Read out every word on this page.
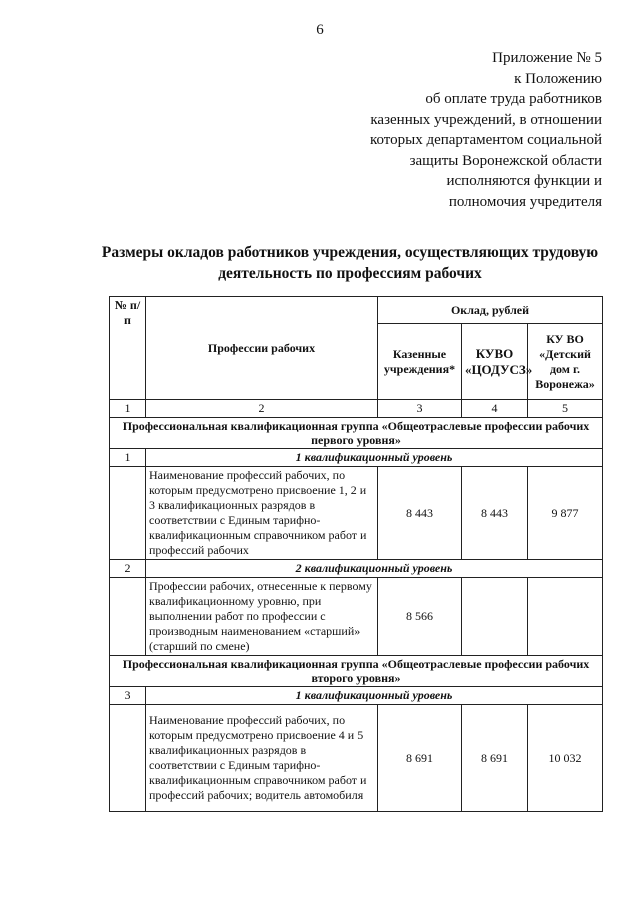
6
Приложение № 5
к Положению
об оплате труда работников
казенных учреждений, в отношении
которых департаментом социальной
защиты Воронежской области
исполняются функции и
полномочия учредителя
Размеры окладов работников учреждения, осуществляющих трудовую
деятельность по профессиям рабочих
№ п/п	Профессии рабочих	Оклад, рублей		
		Казенные учреждения*	КУВО «ЦОДУСЗ»	КУ ВО «Детский дом г. Воронежа»
1	2	3	4	5
Профессиональная квалификационная группа «Общеотраслевые профессии рабочих первого уровня»				
1	1 квалификационный уровень			
	Наименование профессий рабочих, по которым предусмотрено присвоение 1, 2 и 3 квалификационных разрядов в соответствии с Единым тарифно-квалификационным справочником работ и профессий рабочих	8 443	8 443	9 877
2	2 квалификационный уровень			
	Профессии рабочих, отнесенные к первому квалификационному уровню, при выполнении работ по профессии с производным наименованием «старший» (старший по смене)	8 566		
Профессиональная квалификационная группа «Общеотраслевые профессии рабочих второго уровня»				
3	1 квалификационный уровень			
	Наименование профессий рабочих, по которым предусмотрено присвоение 4 и 5 квалификационных разрядов в соответствии с Единым тарифно-квалификационным справочником работ и профессий рабочих; водитель автомобиля	8 691	8 691	10 032
